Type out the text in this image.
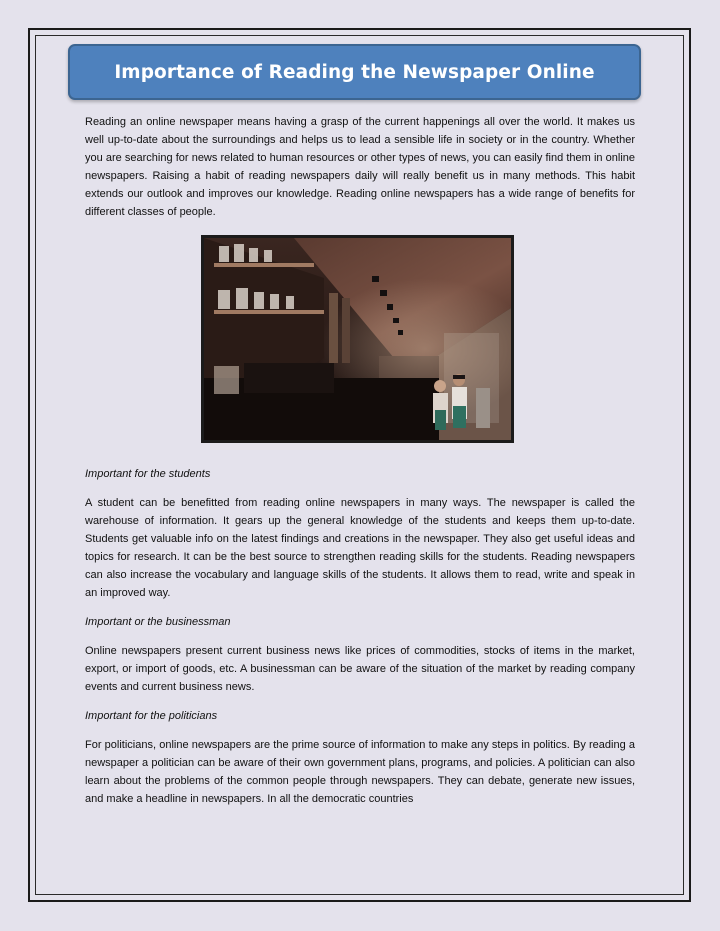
Importance of Reading the Newspaper Online

Reading an online newspaper means having a grasp of the current happenings all over the world. It makes us well up-to-date about the surroundings and helps us to lead a sensible life in society or in the country. Whether you are searching for news related to human resources or other types of news, you can easily find them in online newspapers. Raising a habit of reading newspapers daily will really benefit us in many methods. This habit extends our outlook and improves our knowledge. Reading online newspapers has a wide range of benefits for different classes of people.

Important for the students

A student can be benefitted from reading online newspapers in many ways. The newspaper is called the warehouse of information. It gears up the general knowledge of the students and keeps them up-to-date. Students get valuable info on the latest findings and creations in the newspaper. They also get useful ideas and topics for research. It can be the best source to strengthen reading skills for the students. Reading newspapers can also increase the vocabulary and language skills of the students. It allows them to read, write and speak in an improved way.

Important or the businessman

Online newspapers present current business news like prices of commodities, stocks of items in the market, export, or import of goods, etc. A businessman can be aware of the situation of the market by reading company events and current business news.

Important for the politicians

For politicians, online newspapers are the prime source of information to make any steps in politics. By reading a newspaper a politician can be aware of their own government plans, programs, and policies. A politician can also learn about the problems of the common people through newspapers. They can debate, generate new issues, and make a headline in newspapers. In all the democratic countries
